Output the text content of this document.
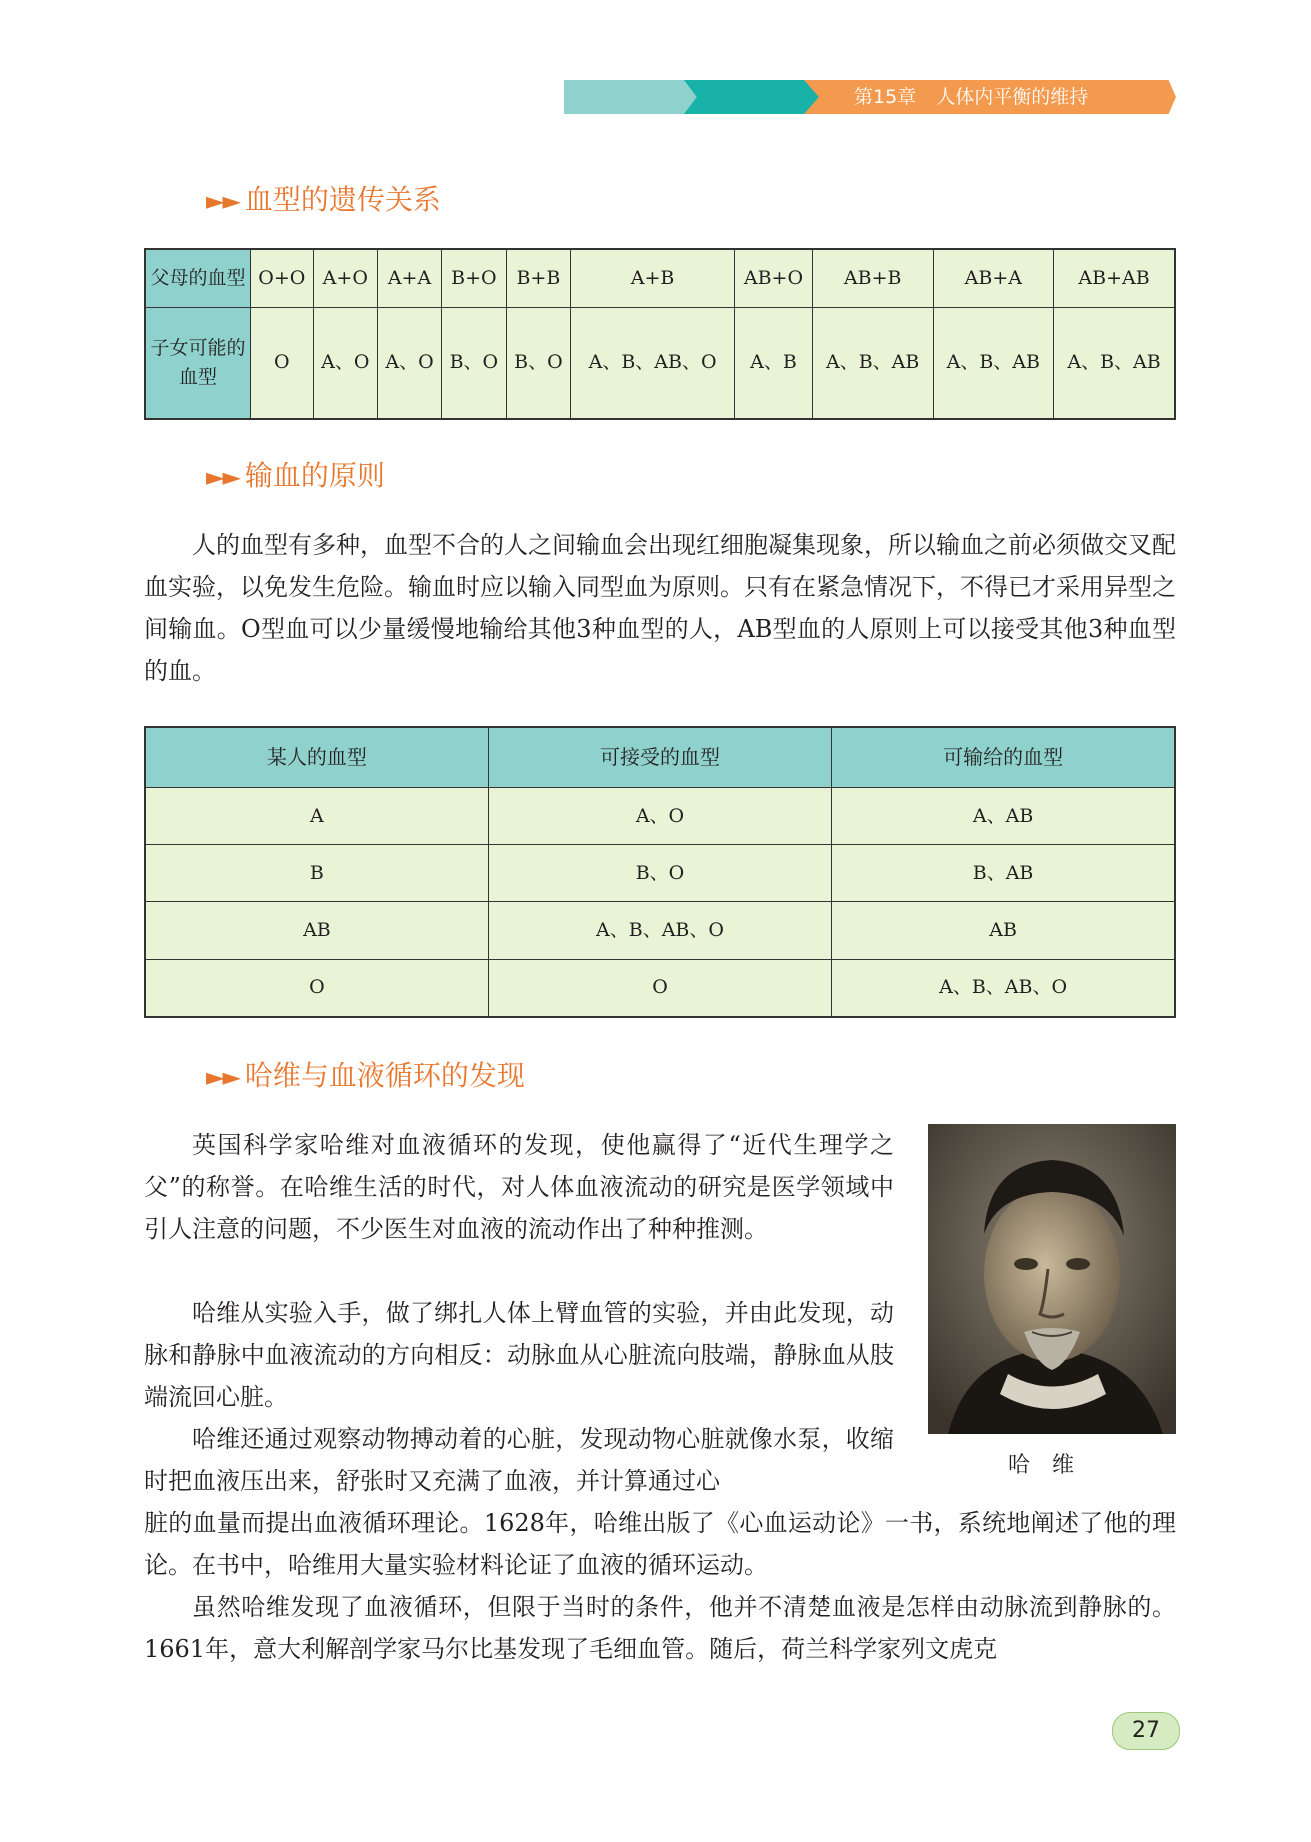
第15章 人体内平衡的维持
►► 血型的遗传关系
父母的血型	O+O	A+O	A+A	B+O	B+B	A+B	AB+O	AB+B	AB+A	AB+AB
子女可能的血型	O	A、O	A、O	B、O	B、O	A、B、AB、O	A、B	A、B、AB	A、B、AB	A、B、AB
►► 输血的原则

人的血型有多种，血型不合的人之间输血会出现红细胞凝集现象，所以输血之前必须做交叉配血实验，以免发生危险。输血时应以输入同型血为原则。只有在紧急情况下，不得已才采用异型之间输血。O型血可以少量缓慢地输给其他3种血型的人，AB型血的人原则上可以接受其他3种血型的血。

某人的血型	可接受的血型	可输给的血型
A	A、O	A、AB
B	B、O	B、AB
AB	A、B、AB、O	AB
O	O	A、B、AB、O
►► 哈维与血液循环的发现

英国科学家哈维对血液循环的发现，使他赢得了“近代生理学之父”的称誉。在哈维生活的时代，对人体血液流动的研究是医学领域中引人注意的问题，不少医生对血液的流动作出了种种推测。

哈维从实验入手，做了绑扎人体上臂血管的实验，并由此发现，动脉和静脉中血液流动的方向相反：动脉血从心脏流向肢端，静脉血从肢端流回心脏。

哈维还通过观察动物搏动着的心脏，发现动物心脏就像水泵，收缩时把血液压出来，舒张时又充满了血液，并计算通过心

脏的血量而提出血液循环理论。1628年，哈维出版了《心血运动论》一书，系统地阐述了他的理论。在书中，哈维用大量实验材料论证了血液的循环运动。

虽然哈维发现了血液循环，但限于当时的条件，他并不清楚血液是怎样由动脉流到静脉的。1661年，意大利解剖学家马尔比基发现了毛细血管。随后，荷兰科学家列文虎克

哈维
27
